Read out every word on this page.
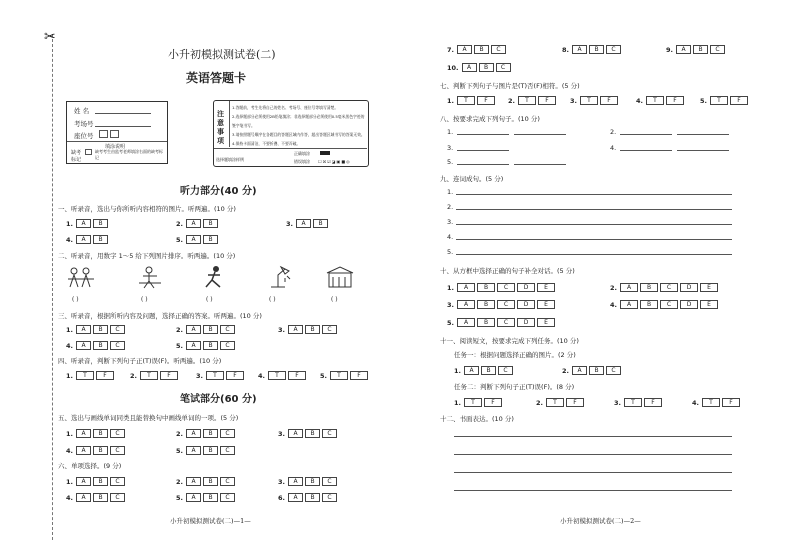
✂
小升初模拟测试卷(二)
英语答题卡
姓 名
考场号
座位号
填涂说明
缺考标记
缺考考生由监考老师填涂右面的缺考标记
注意事项
1.答题前，考生先将自己的姓名、考场号、座位号等填写清楚。
2.选择题部分必须使用2B铅笔填涂；非选择题部分必须使用0.5毫米黑色字迹的签字笔书写。
3.请按照题号顺序在各题目的答题区域内作答，超出答题区域书写的答案无效。
4.保持卡面清洁，不要折叠、不要弄破。
选择题填涂样例
正确填涂
错误填涂 ☐☒☑◪▣■◎
听力部分(40 分)
一、听录音，选出与你所听内容相符的图片。听两遍。(10 分)
1.	A	B	2.	A	B	3.	A	B
4.	A	B	5.	A	B
二、听录音，用数字 1～5 给下列图片排序。听两遍。(10 分)
( )	( )	( )	( )	( )
三、听录音，根据所听内容及问题，选择正确的答案。听两遍。(10 分)
1.	A	B	C	2.	A	B	C	3.	A	B	C
4.	A	B	C	5.	A	B	C
四、听录音，判断下列句子正(T)误(F)。听两遍。(10 分)
1.	T	F	2.	T	F	3.	T	F	4.	T	F	5.	T	F
笔试部分(60 分)
五、选出与画线单词同类且能替换句中画线单词的一项。(5 分)
1.	A	B	C	2.	A	B	C	3.	A	B	C
4.	A	B	C	5.	A	B	C
六、单项选择。(9 分)
1.	A	B	C	2.	A	B	C	3.	A	B	C
4.	A	B	C	5.	A	B	C	6.	A	B	C
小升初模拟测试卷(二)—1—
7.	A	B	C	8.	A	B	C	9.	A	B	C
10.	A	B	C
七、判断下列句子与图片是(T)否(F)相符。(5 分)
1.	T	F	2.	T	F	3.	T	F	4.	T	F	5.	T	F
八、按要求完成下列句子。(10 分)
1.	2.
3.	4.
5.
九、连词成句。(5 分)
1.
2.
3.
4.
5.
十、从方框中选择正确的句子补全对话。(5 分)
1.	A	B	C	D	E	2.	A	B	C	D	E
3.	A	B	C	D	E	4.	A	B	C	D	E
5.	A	B	C	D	E
十一、阅读短文，按要求完成下列任务。(10 分)
任务一：根据问题选择正确的图片。(2 分)
1.	A	B	C	2.	A	B	C
任务二：判断下列句子正(T)误(F)。(8 分)
1.	T	F	2.	T	F	3.	T	F	4.	T	F
十二、书面表达。(10 分)
小升初模拟测试卷(二)—2—
